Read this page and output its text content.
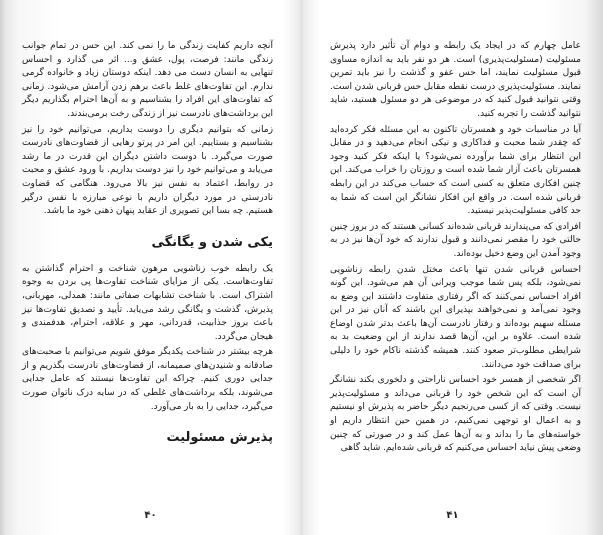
آنچه داریم کفایت زندگی ما را نمی کند. این حس در تمام جوانب زندگی مانند: فرصت، پول، عشق و... اثر می گذارد و احساس تنهایی به انسان دست می دهد. اینکه دوستان زیاد و خانواده گرمی ندارم. این تفاوت‌های غلط باعث برهم زدن آرامش می‌شود. زمانی که تفاوت‌های این افراد را بشناسیم و به آن‌ها احترام بگذاریم دیگر این برداشت‌های نادرست نیز از زندگی رخت برمی‌بندند.

زمانی که بتوانیم دیگری را دوست بداریم، می‌توانیم خود را نیز بشناسیم و بستاییم. این امر در پرتو رهایی از قضاوت‌های نادرست صورت می‌گیرد. با دوست داشتن دیگران این قدرت در ما رشد می‌یابد و می‌توانیم خود را نیز دوست بداریم. با ورود عشق و محبت در روابط، اعتماد به نفس نیز بالا می‌رود. هنگامی که قضاوت نادرستی در مورد دیگران داریم با نوعی مبارزه با نفس درگیر هستیم. چه بسا این تصویری از عقاید پنهان ذهنی خود ما باشد.

یکی شدن و یگانگی

یک رابطه خوب زناشویی مرهون شناخت و احترام گذاشتن به تفاوت‌هاست. یکی از مزایای شناخت تفاوت‌ها پی بردن به وجوه اشتراک است. با شناخت تشابهات صفاتی مانند: همدلی، مهربانی، پذیرش، گذشت و یگانگی رشد می‌یابد. تأیید و تصدیق تفاوت‌ها نیز باعث بروز جذابیت، قدردانی، مهر و علاقه، احترام، هدفمندی و هیجان می‌گردد.

هرچه بیشتر در شناخت یکدیگر موفق شویم می‌توانیم با صحبت‌های صادقانه و شنیدن‌های صمیمانه، از قضاوت‌های نادرست بگذریم و از جدایی دوری کنیم. چراکه این تفاوت‌ها نیستند که عامل جدایی می‌شوند، بلکه برداشت‌های غلطی که در سایه درک ناتوان صورت می‌گیرد، جدایی را به بار می‌آورد.

پذیرش مسئولیت
۴۰

عامل چهارم که در ایجاد یک رابطه و دوام آن تأثیر دارد پذیرش مسئولیت (مسئولیت‌پذیری) است. هر دو نفر باید به اندازه مساوی قبول مسئولیت نمایند، اما حس عفو و گذشت را نیز باید تمرین نمایند. مسئولیت‌پذیری درست نقطه مقابل حس قربانی شدن است. وقتی نتوانید قبول کنید که در موضوعی هر دو مسئول هستید، شاید نتوانید گذشت را تجربه کنید.

آیا در مناسبات خود و همسرتان تاکنون به این مسئله فکر کرده‌اید که چقدر شما محبت و فداکاری و نیکی انجام می‌دهید و در مقابل این انتظار برای شما برآورده نمی‌شود؟ یا اینکه فکر کنید وجود همسرتان باعث آزار شما شده است و روزتان را خراب می‌کند. این چنین افکاری متعلق به کسی است که حساب می‌کند در این رابطه قربانی شده است. در واقع این افکار نشانگر این است که شما به حد کافی مسئولیت‌پذیر نیستید.

افرادی که می‌پندارند قربانی شده‌اند کسانی هستند که در بروز چنین حالتی خود را مقصر نمی‌دانند و قبول ندارند که خود آن‌ها نیز در به وجود آمدن این وضع دخیل بوده‌اند.

احساس قربانی شدن تنها باعث مختل شدن رابطه زناشویی نمی‌شود، بلکه پس شما موجب ویرانی آن هم می‌شود. این گونه افراد احساس نمی‌کنند که اگر رفتاری متفاوت داشتند این وضع به وجود نمی‌آمد و نمی‌خواهند بپذیرای این باشند که آنان نیز در این مسئله سهیم بوده‌اند و رفتار نادرست آن‌ها باعث بدتر شدن اوضاع شده است. علاوه بر این، آن‌ها قصد ندارند از این وضعیت بد به شرایطی مطلوب‌تر صعود کنند. همیشه گذشته ناکام خود را دلیلی برای صداقت خود می‌دانند.

اگر شخصی از همسر خود احساس ناراحتی و دلخوری بکند نشانگر آن است که این شخص خود را قربانی می‌داند و مسئولیت‌پذیر نیست. وقتی که از کسی می‌رنجیم دیگر حاضر به پذیرش او نیستیم و به اعمال او توجهی نمی‌کنیم، در همین حین انتظار داریم او خواسته‌های ما را بداند و به آن‌ها عمل کند و در صورتی که چنین وضعی پیش نیاید احساس می‌کنیم که قربانی شده‌ایم. شاید گاهی

۴۱
